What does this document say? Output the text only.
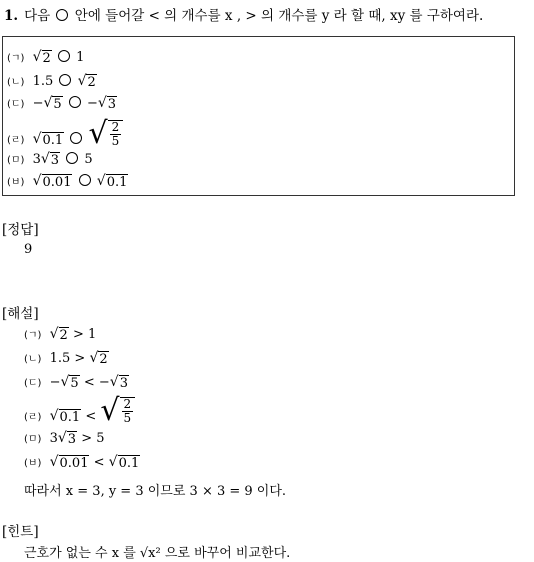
1. 다음 안에 들어갈 < 의 개수를 x , > 의 개수를 y 라 할 때, xy 를 구하여라.
(ㄱ) √ 2 1
(ㄴ) 1.5 √ 2
(ㄷ) − √ 5 − √ 3
(ㄹ) √ 0.1
√ $\frac{2}{5}$
(ㅁ) 3 √ 3 5
(ㅂ) √ 0.01
√ 0.1
[정답]
9
[해설]
(ㄱ) √ 2 > 1
(ㄴ) 1.5 > √ 2
(ㄷ) − √ 5 < − √ 3
(ㄹ) √ 0.1 < √ $\frac{2}{5}$
(ㅁ) 3 √ 3 > 5
(ㅂ) √ 0.01 < √ 0.1
따라서 x = 3, y = 3 이므로 3 × 3 = 9 이다.
[힌트]
근호가 없는 수 x 를 √x² 으로 바꾸어 비교한다.
